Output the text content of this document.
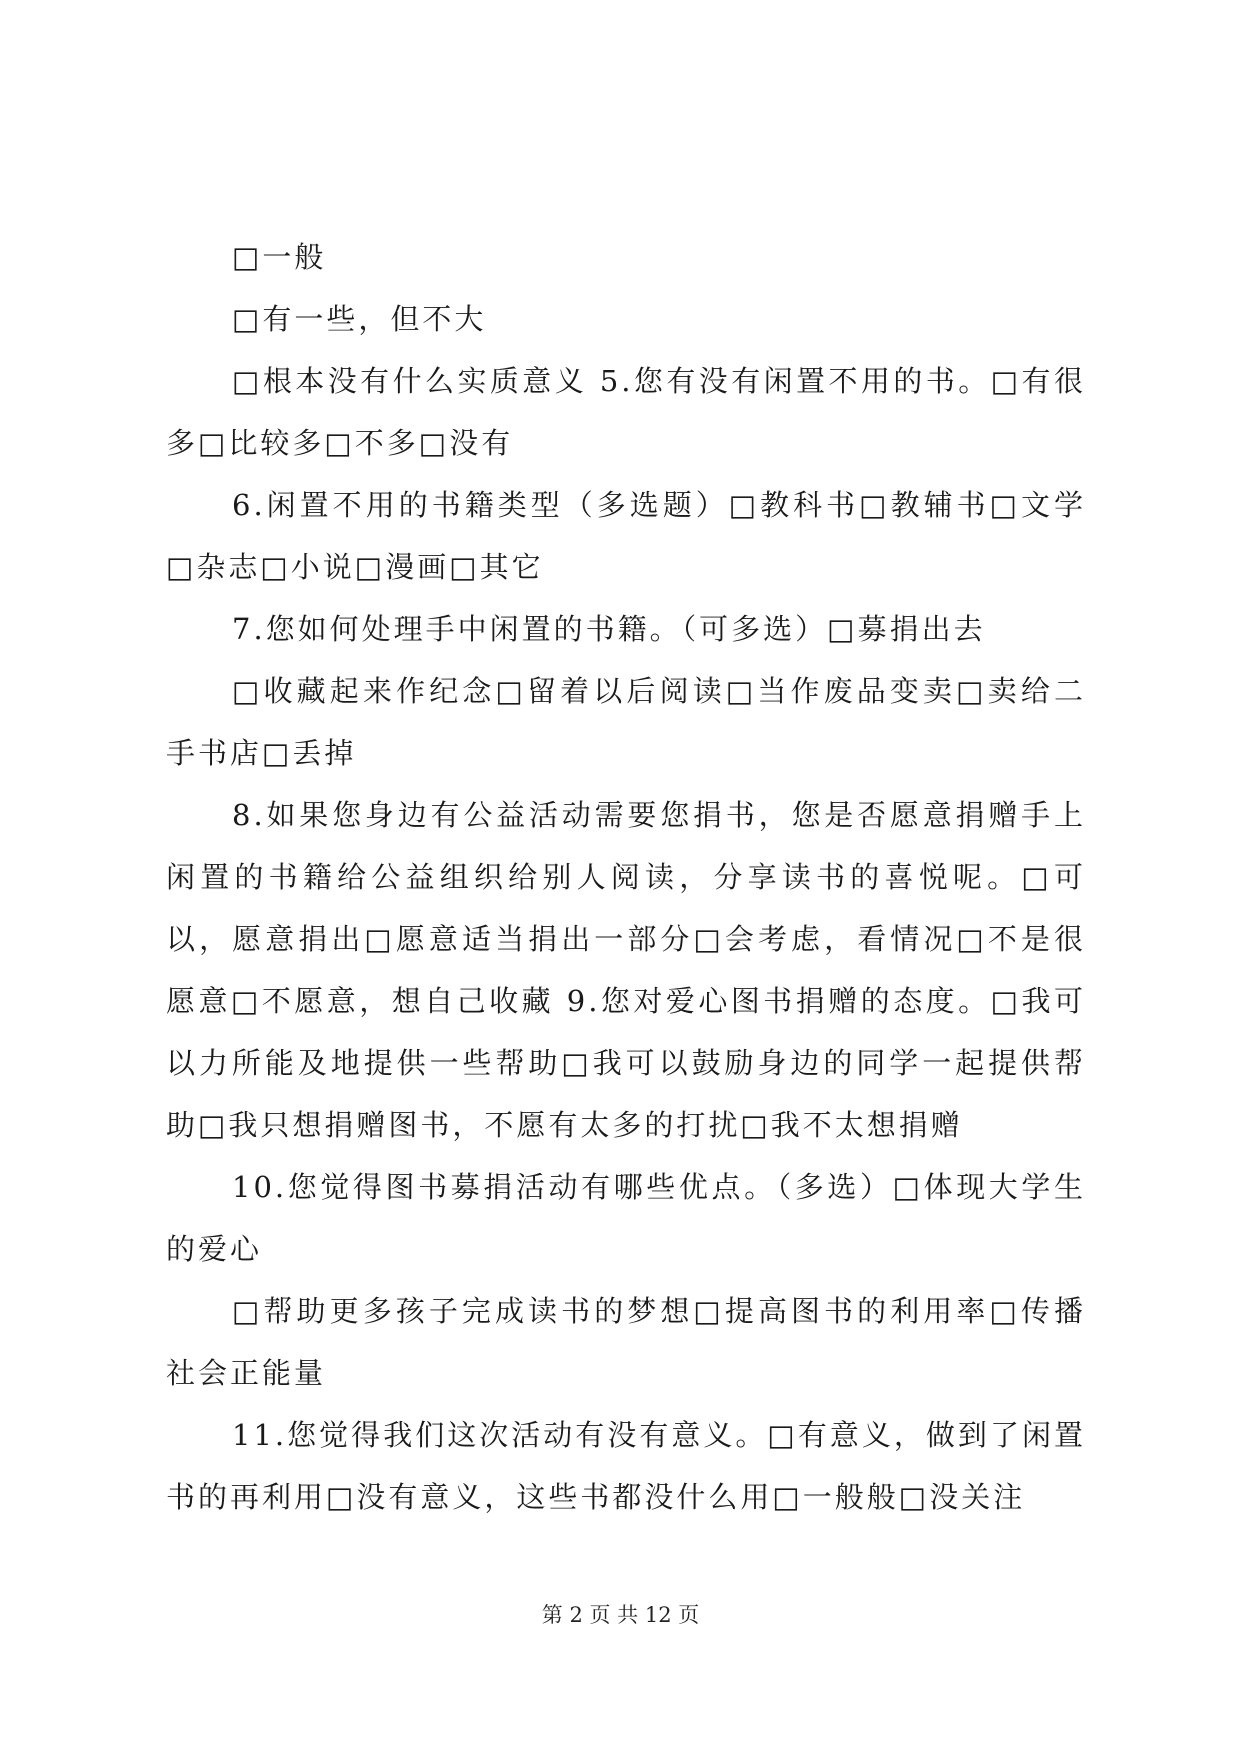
□一般

□有一些，但不大

□根本没有什么实质意义 5.您有没有闲置不用的书。□有很多□比较多□不多□没有

6.闲置不用的书籍类型（多选题）□教科书□教辅书□文学□杂志□小说□漫画□其它

7.您如何处理手中闲置的书籍。（可多选）□募捐出去

□收藏起来作纪念□留着以后阅读□当作废品变卖□卖给二手书店□丢掉

8.如果您身边有公益活动需要您捐书，您是否愿意捐赠手上闲置的书籍给公益组织给别人阅读，分享读书的喜悦呢。□可以，愿意捐出□愿意适当捐出一部分□会考虑，看情况□不是很愿意□不愿意，想自己收藏 9.您对爱心图书捐赠的态度。□我可以力所能及地提供一些帮助□我可以鼓励身边的同学一起提供帮助□我只想捐赠图书，不愿有太多的打扰□我不太想捐赠

10.您觉得图书募捐活动有哪些优点。（多选）□体现大学生的爱心

□帮助更多孩子完成读书的梦想□提高图书的利用率□传播社会正能量

11.您觉得我们这次活动有没有意义。□有意义，做到了闲置书的再利用□没有意义，这些书都没什么用□一般般□没关注

第 2 页 共 12 页
